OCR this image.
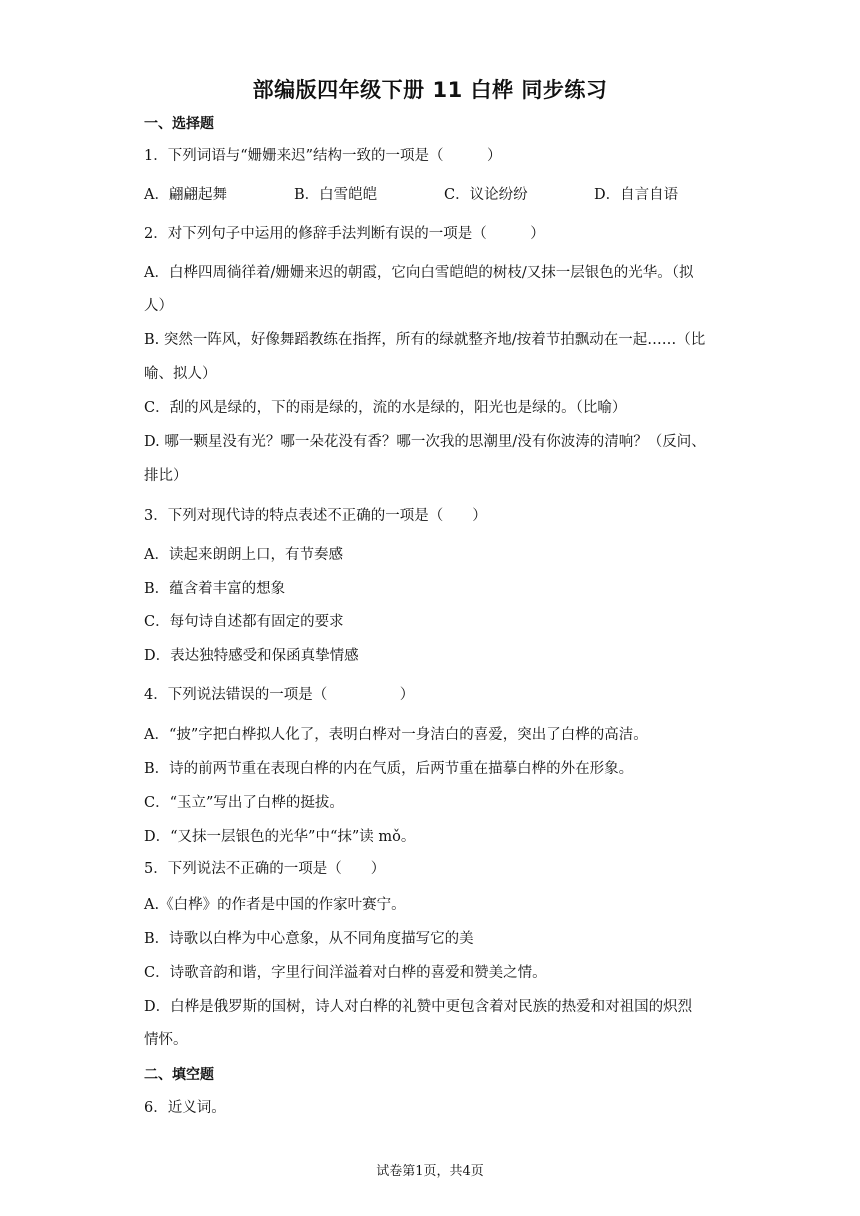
部编版四年级下册 11 白桦 同步练习
一、选择题
1．下列词语与“姗姗来迟”结构一致的一项是（　　　）
A．翩翩起舞	B．白雪皑皑	C．议论纷纷	D．自言自语
2．对下列句子中运用的修辞手法判断有误的一项是（　　　）
A．白桦四周徜徉着/姗姗来迟的朝霞，它向白雪皑皑的树枝/又抹一层银色的光华。（拟
人）
B. 突然一阵风，好像舞蹈教练在指挥，所有的绿就整齐地/按着节拍飘动在一起……（比
喻、拟人）
C．刮的风是绿的，下的雨是绿的，流的水是绿的，阳光也是绿的。（比喻）
D. 哪一颗星没有光？哪一朵花没有香？哪一次我的思潮里/没有你波涛的清响？（反问、
排比）
3．下列对现代诗的特点表述不正确的一项是（　　）
A．读起来朗朗上口，有节奏感
B．蕴含着丰富的想象
C．每句诗自述都有固定的要求
D．表达独特感受和保函真挚情感
4．下列说法错误的一项是（　　　　　）
A．“披”字把白桦拟人化了，表明白桦对一身洁白的喜爱，突出了白桦的高洁。
B．诗的前两节重在表现白桦的内在气质，后两节重在描摹白桦的外在形象。
C．“玉立”写出了白桦的挺拔。
D．“又抹一层银色的光华”中“抹”读 mǒ。
5．下列说法不正确的一项是（　　）
A.《白桦》的作者是中国的作家叶赛宁。
B．诗歌以白桦为中心意象，从不同角度描写它的美
C．诗歌音韵和谐，字里行间洋溢着对白桦的喜爱和赞美之情。
D．白桦是俄罗斯的国树，诗人对白桦的礼赞中更包含着对民族的热爱和对祖国的炽烈
情怀。
二、填空题
6．近义词。
试卷第1页，共4页
